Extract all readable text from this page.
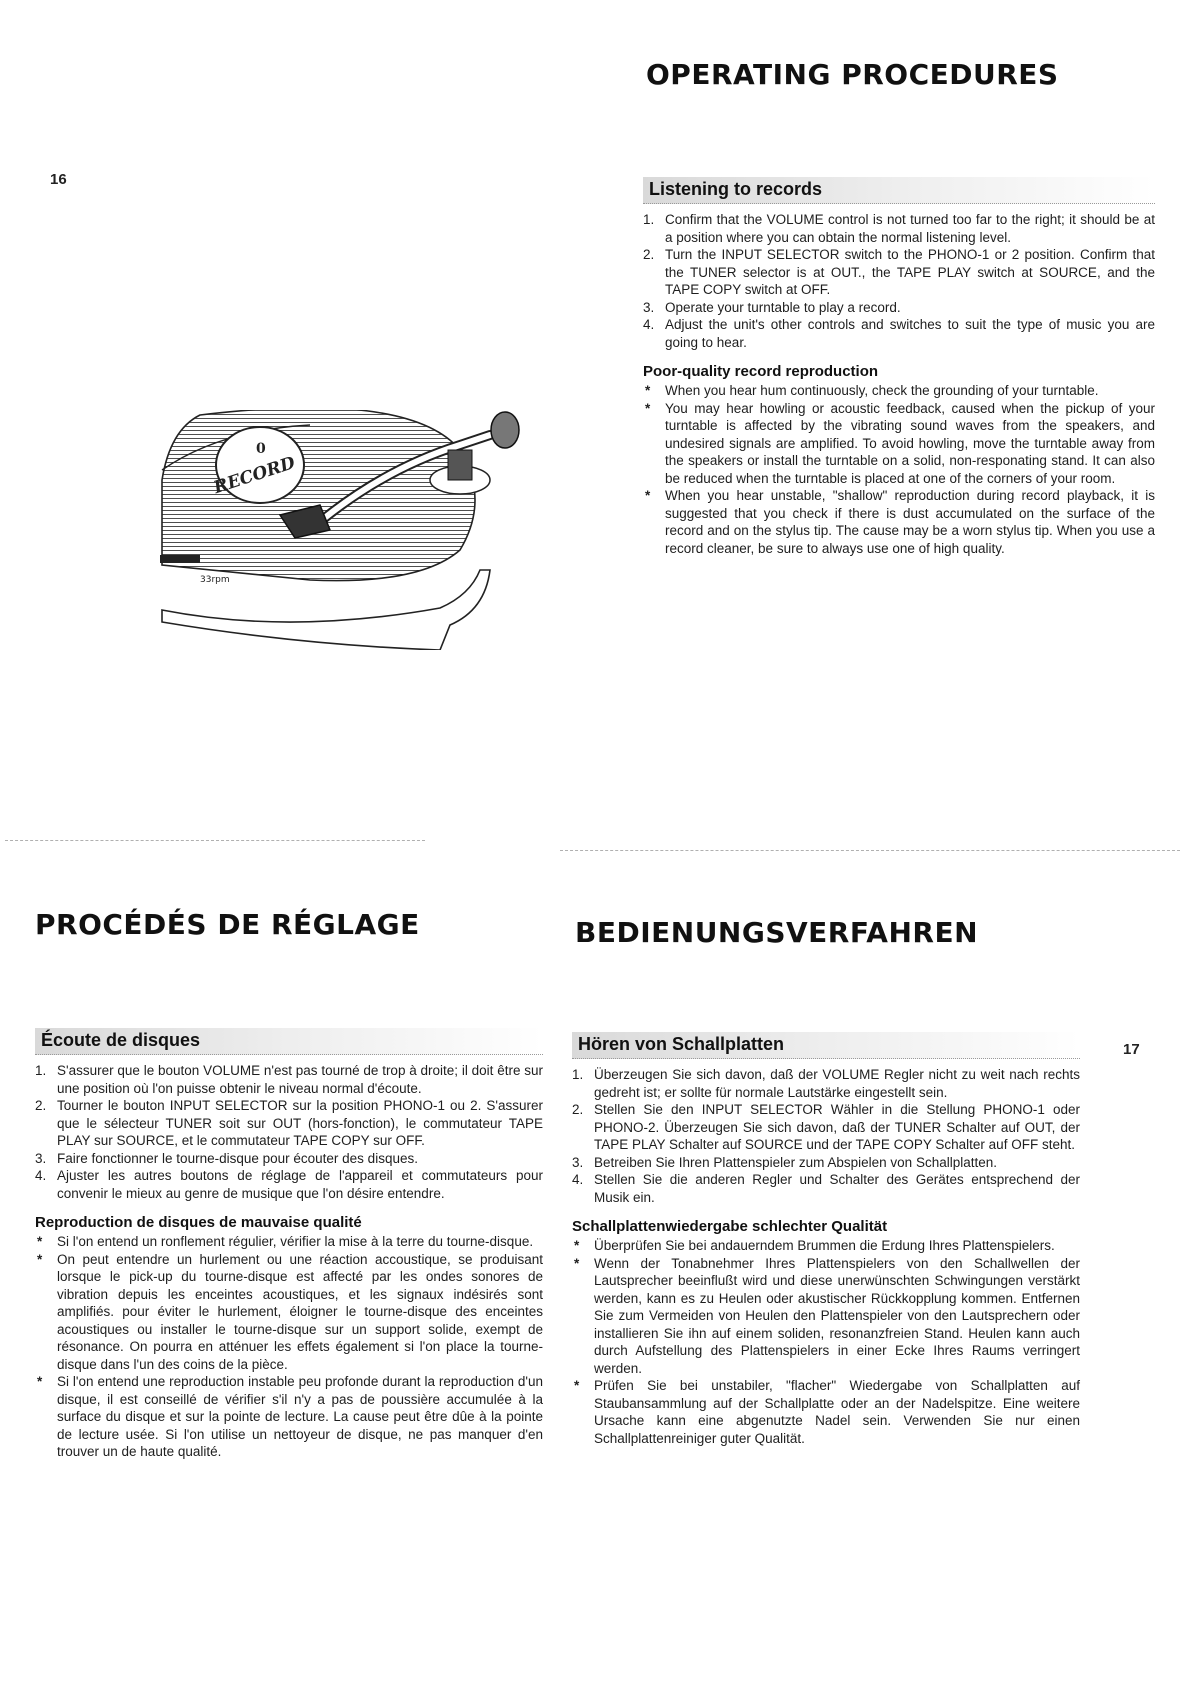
OPERATING PROCEDURES
16	Listening to records
1. Confirm that the VOLUME control is not turned too far to the right; it should be at a position where you can obtain the normal listening level.
2. Turn the INPUT SELECTOR switch to the PHONO-1 or 2 position. Confirm that the TUNER selector is at OUT., the TAPE PLAY switch at SOURCE, and the TAPE COPY switch at OFF.
3. Operate your turntable to play a record.
4. Adjust the unit's other controls and switches to suit the type of music you are going to hear.
Poor-quality record reproduction
* When you hear hum continuously, check the grounding of your turntable.
* You may hear howling or acoustic feedback, caused when the pickup of your turntable is affected by the vibrating sound waves from the speakers, and undesired signals are amplified. To avoid howling, move the turntable away from the speakers or install the turntable on a solid, non-responating stand. It can also be reduced when the turntable is placed at one of the corners of your room.
* When you hear unstable, "shallow" reproduction during record playback, it is suggested that you check if there is dust accumulated on the surface of the record and on the stylus tip. The cause may be a worn stylus tip. When you use a record cleaner, be sure to always use one of high quality.
0
RECORD
33rpm
PROCÉDÉS DE RÉGLAGE	BEDIENUNGSVERFAHREN
17
Écoute de disques
1. S'assurer que le bouton VOLUME n'est pas tourné de trop à droite; il doit être sur une position où l'on puisse obtenir le niveau normal d'écoute.
2. Tourner le bouton INPUT SELECTOR sur la position PHONO-1 ou 2. S'assurer que le sélecteur TUNER soit sur OUT (hors-fonction), le commutateur TAPE PLAY sur SOURCE, et le commutateur TAPE COPY sur OFF.
3. Faire fonctionner le tourne-disque pour écouter des disques.
4. Ajuster les autres boutons de réglage de l'appareil et commutateurs pour convenir le mieux au genre de musique que l'on désire entendre.
Reproduction de disques de mauvaise qualité
* Si l'on entend un ronflement régulier, vérifier la mise à la terre du tourne-disque.
* On peut entendre un hurlement ou une réaction accoustique, se produisant lorsque le pick-up du tourne-disque est affecté par les ondes sonores de vibration depuis les enceintes acoustiques, et les signaux indésirés sont amplifiés. pour éviter le hurlement, éloigner le tourne-disque des enceintes acoustiques ou installer le tourne-disque sur un support solide, exempt de résonance. On pourra en atténuer les effets également si l'on place la tourne-disque dans l'un des coins de la pièce.
* Si l'on entend une reproduction instable peu profonde durant la reproduction d'un disque, il est conseillé de vérifier s'il n'y a pas de poussière accumulée à la surface du disque et sur la pointe de lecture. La cause peut être dûe à la pointe de lecture usée. Si l'on utilise un nettoyeur de disque, ne pas manquer d'en trouver un de haute qualité.
Hören von Schallplatten
1. Überzeugen Sie sich davon, daß der VOLUME Regler nicht zu weit nach rechts gedreht ist; er sollte für normale Lautstärke eingestellt sein.
2. Stellen Sie den INPUT SELECTOR Wähler in die Stellung PHONO-1 oder PHONO-2. Überzeugen Sie sich davon, daß der TUNER Schalter auf OUT, der TAPE PLAY Schalter auf SOURCE und der TAPE COPY Schalter auf OFF steht.
3. Betreiben Sie Ihren Plattenspieler zum Abspielen von Schallplatten.
4. Stellen Sie die anderen Regler und Schalter des Gerätes entsprechend der Musik ein.
Schallplattenwiedergabe schlechter Qualität
* Überprüfen Sie bei andauerndem Brummen die Erdung Ihres Plattenspielers.
* Wenn der Tonabnehmer Ihres Plattenspielers von den Schallwellen der Lautsprecher beeinflußt wird und diese unerwünschten Schwingungen verstärkt werden, kann es zu Heulen oder akustischer Rückkopplung kommen. Entfernen Sie zum Vermeiden von Heulen den Plattenspieler von den Lautsprechern oder installieren Sie ihn auf einem soliden, resonanzfreien Stand. Heulen kann auch durch Aufstellung des Plattenspielers in einer Ecke Ihres Raums verringert werden.
* Prüfen Sie bei unstabiler, "flacher" Wiedergabe von Schallplatten auf Staubansammlung auf der Schallplatte oder an der Nadelspitze. Eine weitere Ursache kann eine abgenutzte Nadel sein. Verwenden Sie nur einen Schallplattenreiniger guter Qualität.
